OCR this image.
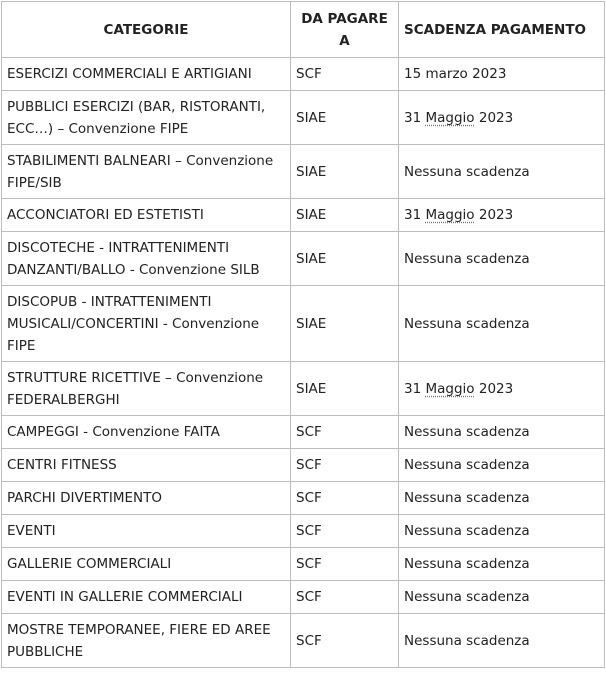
CATEGORIE	DA PAGARE A	SCADENZA PAGAMENTO
ESERCIZI COMMERCIALI E ARTIGIANI	SCF	15 marzo 2023
PUBBLICI ESERCIZI (BAR, RISTORANTI, ECC…) – Convenzione FIPE	SIAE	31 Maggio 2023
STABILIMENTI BALNEARI – Convenzione FIPE/SIB	SIAE	Nessuna scadenza
ACCONCIATORI ED ESTETISTI	SIAE	31 Maggio 2023
DISCOTECHE - INTRATTENIMENTI DANZANTI/BALLO - Convenzione SILB	SIAE	Nessuna scadenza
DISCOPUB - INTRATTENIMENTI MUSICALI/CONCERTINI - Convenzione FIPE	SIAE	Nessuna scadenza
STRUTTURE RICETTIVE – Convenzione FEDERALBERGHI	SIAE	31 Maggio 2023
CAMPEGGI - Convenzione FAITA	SCF	Nessuna scadenza
CENTRI FITNESS	SCF	Nessuna scadenza
PARCHI DIVERTIMENTO	SCF	Nessuna scadenza
EVENTI	SCF	Nessuna scadenza
GALLERIE COMMERCIALI	SCF	Nessuna scadenza
EVENTI IN GALLERIE COMMERCIALI	SCF	Nessuna scadenza
MOSTRE TEMPORANEE, FIERE ED AREE PUBBLICHE	SCF	Nessuna scadenza
